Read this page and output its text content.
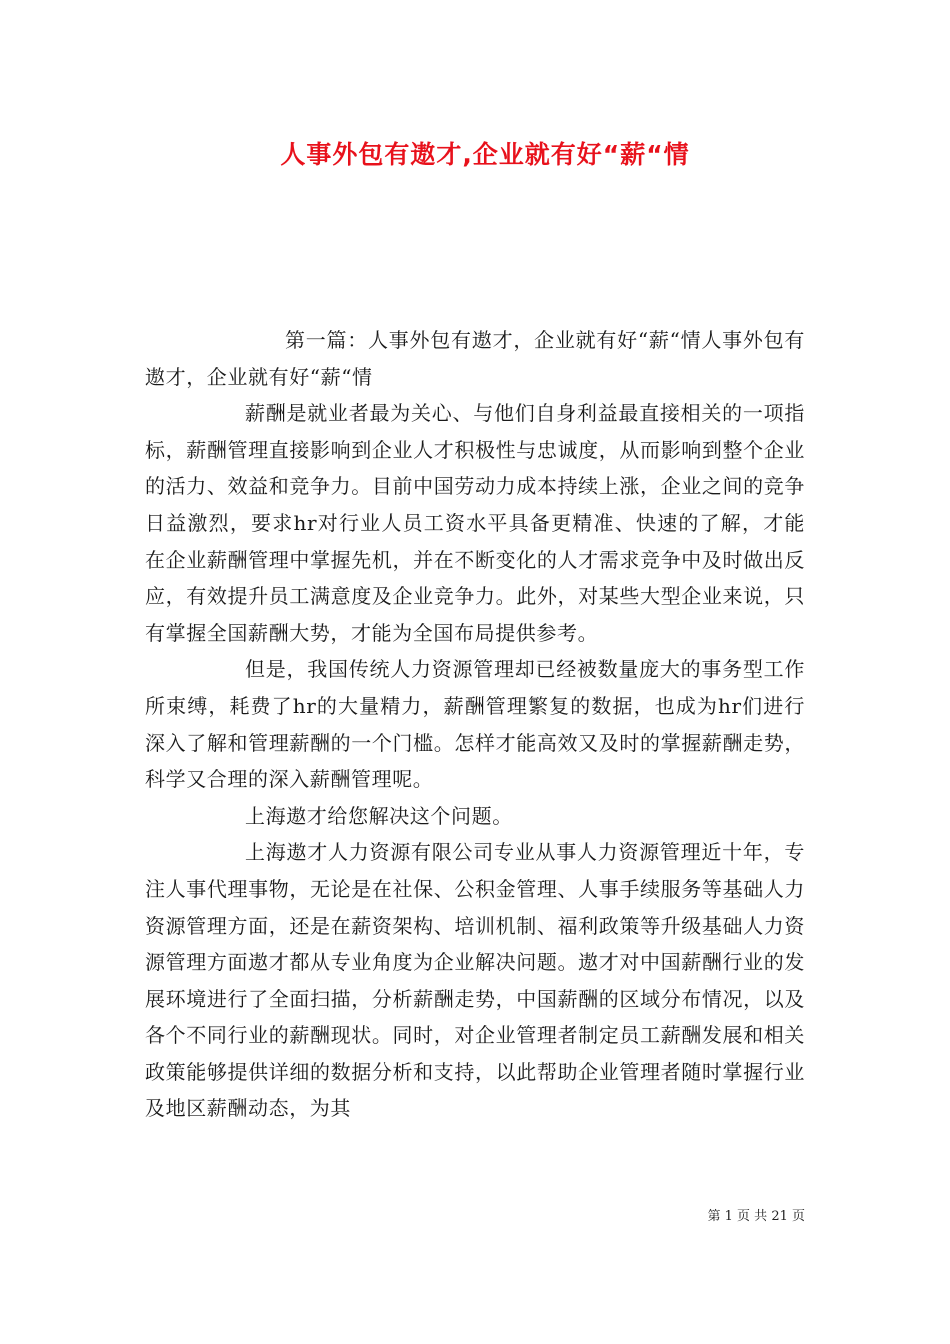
人事外包有遨才,企业就有好“薪“情

第一篇：人事外包有遨才，企业就有好“薪“情人事外包有遨才，企业就有好“薪“情

薪酬是就业者最为关心、与他们自身利益最直接相关的一项指标，薪酬管理直接影响到企业人才积极性与忠诚度，从而影响到整个企业的活力、效益和竞争力。目前中国劳动力成本持续上涨，企业之间的竞争日益激烈，要求hr对行业人员工资水平具备更精准、快速的了解，才能在企业薪酬管理中掌握先机，并在不断变化的人才需求竞争中及时做出反应，有效提升员工满意度及企业竞争力。此外，对某些大型企业来说，只有掌握全国薪酬大势，才能为全国布局提供参考。

但是，我国传统人力资源管理却已经被数量庞大的事务型工作所束缚，耗费了hr的大量精力，薪酬管理繁复的数据，也成为hr们进行深入了解和管理薪酬的一个门槛。怎样才能高效又及时的掌握薪酬走势，科学又合理的深入薪酬管理呢。

上海遨才给您解决这个问题。

上海遨才人力资源有限公司专业从事人力资源管理近十年，专注人事代理事物，无论是在社保、公积金管理、人事手续服务等基础人力资源管理方面，还是在薪资架构、培训机制、福利政策等升级基础人力资源管理方面遨才都从专业角度为企业解决问题。遨才对中国薪酬行业的发展环境进行了全面扫描，分析薪酬走势，中国薪酬的区域分布情况，以及各个不同行业的薪酬现状。同时，对企业管理者制定员工薪酬发展和相关政策能够提供详细的数据分析和支持，以此帮助企业管理者随时掌握行业及地区薪酬动态，为其

第 1 页 共 21 页
